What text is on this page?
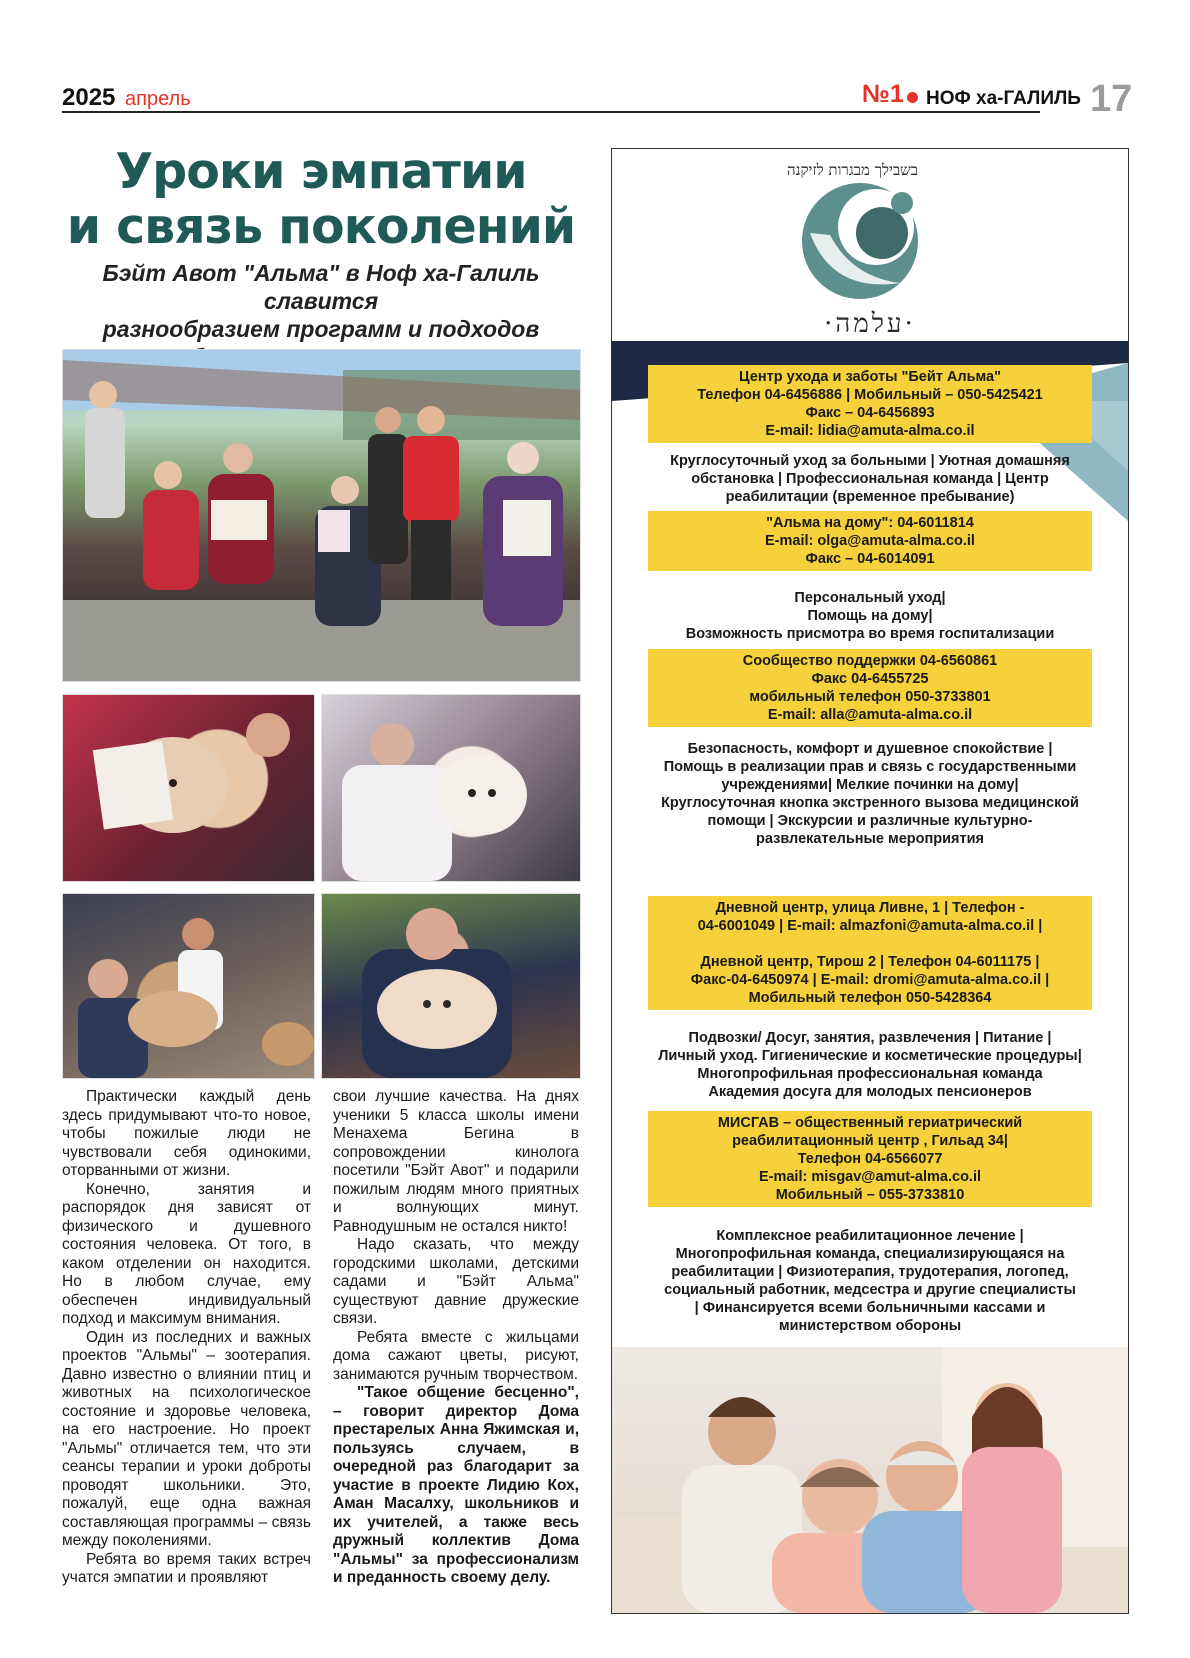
2025 апрель	№1 НОФ ха-ГАЛИЛЬ 17
Уроки эмпатии
и связь поколений
Бэйт Авот "Альма" в Ноф ха-Галиль славится
разнообразием программ и подходов

Практически каждый день здесь придумывают что-то новое, чтобы пожилые люди не чувствовали себя одинокими, оторванными от жизни.

Конечно, занятия и распорядок дня зависят от физического и душевного состояния человека. От того, в каком отделении он находится. Но в любом случае, ему обеспечен индивидуальный подход и максимум внимания.

Один из последних и важных проектов "Альмы" – зоотерапия. Давно известно о влиянии птиц и животных на психологическое состояние и здоровье человека, на его настроение. Но проект "Альмы" отличается тем, что эти сеансы терапии и уроки доброты проводят школьники. Это, пожалуй, еще одна важная составляющая программы – связь между поколениями.

Ребята во время таких встреч учатся эмпатии и проявляют

свои лучшие качества. На днях ученики 5 класса школы имени Менахема Бегина в сопровождении кинолога посетили "Бэйт Авот" и подарили пожилым людям много приятных и волнующих минут. Равнодушным не остался никто!

Надо сказать, что между городскими школами, детскими садами и "Бэйт Альма" существуют давние дружеские связи.

Ребята вместе с жильцами дома сажают цветы, рисуют, занимаются ручным творчеством.

"Такое общение бесценно", – говорит директор Дома престарелых Анна Яжимская и, пользуясь случаем, в очередной раз благодарит за участие в проекте Лидию Кох, Аман Масалху, школьников и их учителей, а также весь дружный коллектив Дома "Альмы" за профессионализм и преданность своему делу.

בשבילך מבגרות לזיקנה
·עלמה·
Центр ухода и заботы "Бейт Альма"
Телефон 04-6456886 | Мобильный – 050-5425421
Факс – 04-6456893
E-mail: lidia@amuta-alma.co.il
Круглосуточный уход за больными | Уютная домашняя
обстановка | Профессиональная команда | Центр
реабилитации (временное пребывание)
"Альма на дому": 04-6011814
E-mail: olga@amuta-alma.co.il
Факс – 04-6014091
Персональный уход|
Помощь на дому|
Возможность присмотра во время госпитализации
Сообщество поддержки 04-6560861
Факс 04-6455725
мобильный телефон 050-3733801
E-mail: alla@amuta-alma.co.il
Безопасность, комфорт и душевное спокойствие |
Помощь в реализации прав и связь с государственными
учреждениями| Мелкие починки на дому|
Круглосуточная кнопка экстренного вызова медицинской
помощи | Экскурсии и различные культурно-
развлекательные мероприятия
Дневной центр, улица Ливне, 1 | Телефон -
04-6001049 | E-mail: almazfoni@amuta-alma.co.il |
Дневной центр, Тирош 2 | Телефон 04-6011175 |
Факс-04-6450974 | E-mail: dromi@amuta-alma.co.il |
Мобильный телефон 050-5428364
Подвозки/ Досуг, занятия, развлечения | Питание |
Личный уход. Гигиенические и косметические процедуры|
Многопрофильная профессиональная команда
Академия досуга для молодых пенсионеров
МИСГАВ – общественный гериатрический
реабилитационный центр , Гильад 34|
Телефон 04-6566077
E-mail: misgav@amut-alma.co.il
Мобильный – 055-3733810
Комплексное реабилитационное лечение |
Многопрофильная команда, специализирующаяся на
реабилитации | Физиотерапия, трудотерапия, логопед,
социальный работник, медсестра и другие специалисты
| Финансируется всеми больничными кассами и
министерством обороны
